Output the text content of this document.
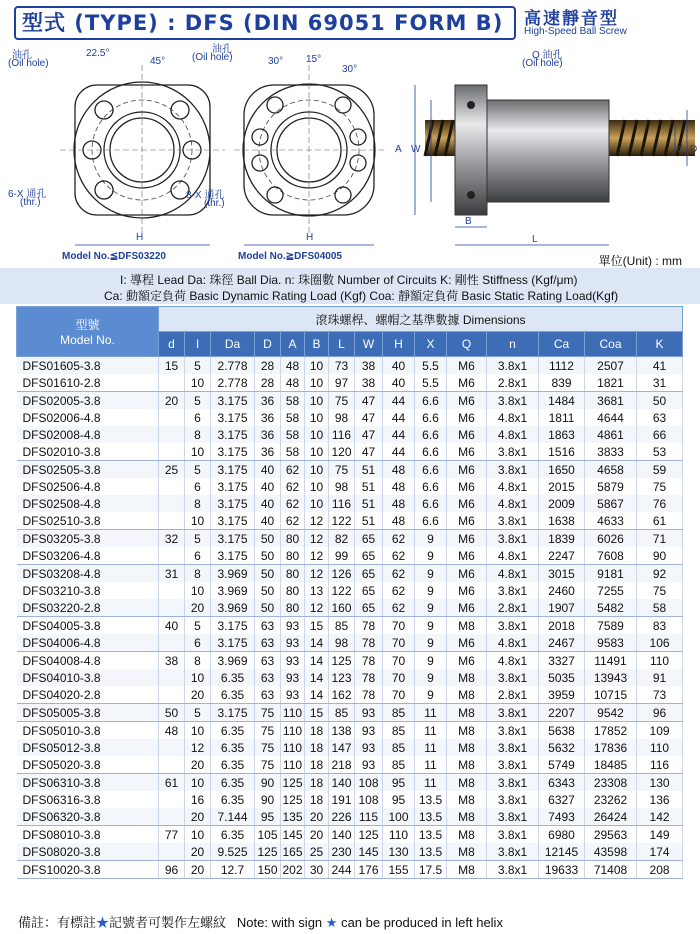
型式 (TYPE) : DFS (DIN 69051 FORM B) 高速靜音型
High-Speed Ball Screw
油孔
(Oil hole)
22.5°
45°
6-X 通孔
(thr.)
H
Model No.≦DFS03220
油孔
(Oil hole)	30° 15°
30°
8-X 通孔
(thr.)
H
Model No.≧DFS04005
Q 油孔
(Oil hole)
A W	d D
B
L
單位(Unit) : mm
I: 導程 Lead Da: 珠徑 Ball Dia. n: 珠圈數 Number of Circuits K: 剛性 Stiffness (Kgf/μm)
Ca: 動額定負荷 Basic Dynamic Rating Load (Kgf) Coa: 靜額定負荷 Basic Static Rating Load(Kgf)
型號
Model No.	滾珠螺桿、螺帽之基準數據 Dimensions														
	d	I	Da	D	A	B	L	W	H	X	Q	n	Ca	Coa	K
DFS01605-3.8	15	5	2.778	28	48	10	73	38	40	5.5	M6	3.8x1	1112	2507	41
DFS01610-2.8		10	2.778	28	48	10	97	38	40	5.5	M6	2.8x1	839	1821	31
DFS02005-3.8	20	5	3.175	36	58	10	75	47	44	6.6	M6	3.8x1	1484	3681	50
DFS02006-4.8		6	3.175	36	58	10	98	47	44	6.6	M6	4.8x1	1811	4644	63
DFS02008-4.8		8	3.175	36	58	10	116	47	44	6.6	M6	4.8x1	1863	4861	66
DFS02010-3.8		10	3.175	36	58	10	120	47	44	6.6	M6	3.8x1	1516	3833	53
DFS02505-3.8	25	5	3.175	40	62	10	75	51	48	6.6	M6	3.8x1	1650	4658	59
DFS02506-4.8		6	3.175	40	62	10	98	51	48	6.6	M6	4.8x1	2015	5879	75
DFS02508-4.8		8	3.175	40	62	10	116	51	48	6.6	M6	4.8x1	2009	5867	76
DFS02510-3.8		10	3.175	40	62	12	122	51	48	6.6	M6	3.8x1	1638	4633	61
DFS03205-3.8	32	5	3.175	50	80	12	82	65	62	9	M6	3.8x1	1839	6026	71
DFS03206-4.8		6	3.175	50	80	12	99	65	62	9	M6	4.8x1	2247	7608	90
DFS03208-4.8	31	8	3.969	50	80	12	126	65	62	9	M6	4.8x1	3015	9181	92
DFS03210-3.8		10	3.969	50	80	13	122	65	62	9	M6	3.8x1	2460	7255	75
DFS03220-2.8		20	3.969	50	80	12	160	65	62	9	M6	2.8x1	1907	5482	58
DFS04005-3.8	40	5	3.175	63	93	15	85	78	70	9	M8	3.8x1	2018	7589	83
DFS04006-4.8		6	3.175	63	93	14	98	78	70	9	M6	4.8x1	2467	9583	106
DFS04008-4.8	38	8	3.969	63	93	14	125	78	70	9	M6	4.8x1	3327	11491	110
DFS04010-3.8		10	6.35	63	93	14	123	78	70	9	M8	3.8x1	5035	13943	91
DFS04020-2.8		20	6.35	63	93	14	162	78	70	9	M8	2.8x1	3959	10715	73
DFS05005-3.8	50	5	3.175	75	110	15	85	93	85	11	M8	3.8x1	2207	9542	96
DFS05010-3.8	48	10	6.35	75	110	18	138	93	85	11	M8	3.8x1	5638	17852	109
DFS05012-3.8		12	6.35	75	110	18	147	93	85	11	M8	3.8x1	5632	17836	110
DFS05020-3.8		20	6.35	75	110	18	218	93	85	11	M8	3.8x1	5749	18485	116
DFS06310-3.8	61	10	6.35	90	125	18	140	108	95	11	M8	3.8x1	6343	23308	130
DFS06316-3.8		16	6.35	90	125	18	191	108	95	13.5	M8	3.8x1	6327	23262	136
DFS06320-3.8		20	7.144	95	135	20	226	115	100	13.5	M8	3.8x1	7493	26424	142
DFS08010-3.8	77	10	6.35	105	145	20	140	125	110	13.5	M8	3.8x1	6980	29563	149
DFS08020-3.8		20	9.525	125	165	25	230	145	130	13.5	M8	3.8x1	12145	43598	174
DFS10020-3.8	96	20	12.7	150	202	30	244	176	155	17.5	M8	3.8x1	19633	71408	208
備註：有標註★記號者可製作左螺紋 Note: with sign ★ can be produced in left helix
